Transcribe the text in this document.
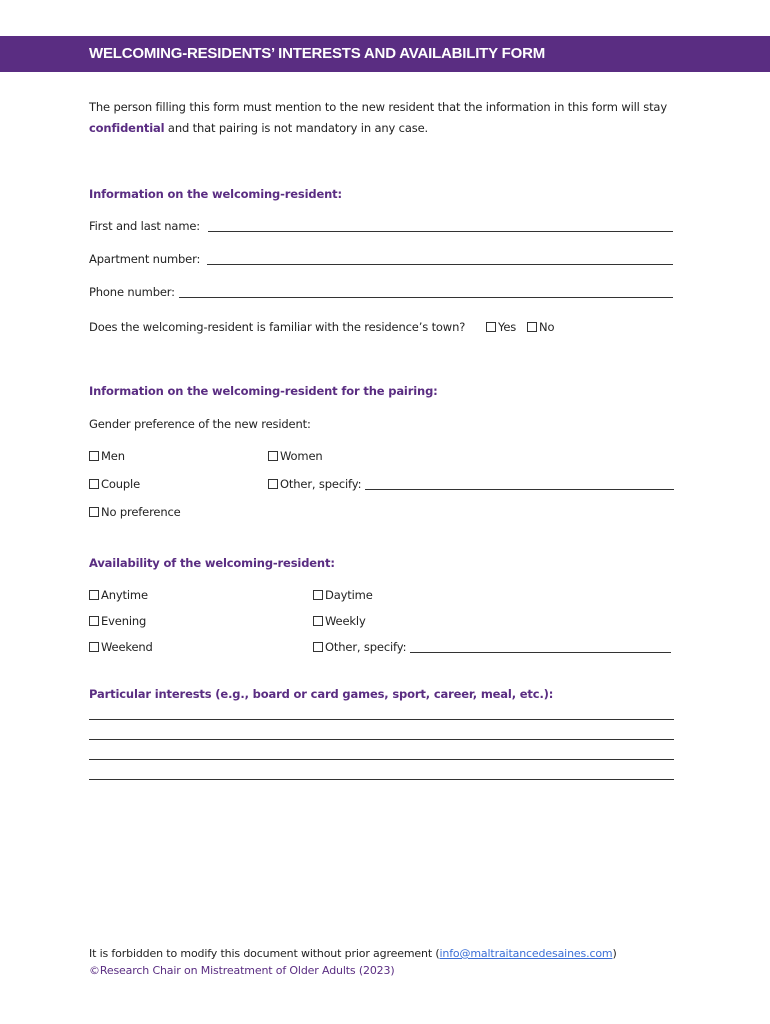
WELCOMING-RESIDENTS’ INTERESTS AND AVAILABILITY FORM
The person filling this form must mention to the new resident that the information in this form will stay
confidential and that pairing is not mandatory in any case.
Information on the welcoming-resident:
First and last name:
Apartment number:
Phone number:
Does the welcoming-resident is familiar with the residence’s town?	Yes	No
Information on the welcoming-resident for the pairing:
Gender preference of the new resident:
Men	Women
Couple	Other, specify:
No preference
Availability of the welcoming-resident:
Anytime	Daytime
Evening	Weekly
Weekend	Other, specify:
Particular interests (e.g., board or card games, sport, career, meal, etc.):
It is forbidden to modify this document without prior agreement (info@maltraitancedesaines.com)
©Research Chair on Mistreatment of Older Adults (2023)
